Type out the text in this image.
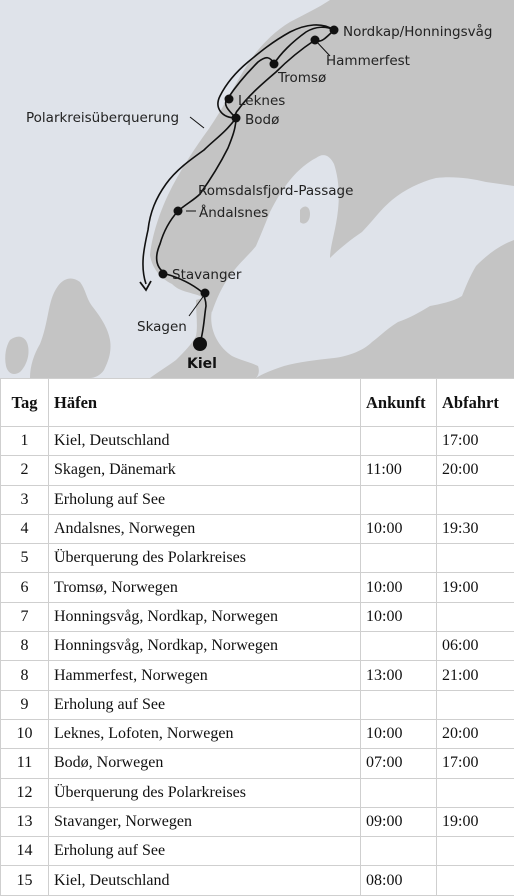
Nordkap/Honningsvåg
Hammerfest
Tromsø
Leknes
Bodø
Polarkreisüberquerung
Romsdalsfjord-Passage
Åndalsnes
Stavanger
Skagen
Kiel
Tag	Häfen	Ankunft	Abfahrt
1	Kiel, Deutschland		17:00
2	Skagen, Dänemark	11:00	20:00
3	Erholung auf See		
4	Andalsnes, Norwegen	10:00	19:30
5	Überquerung des Polarkreises		
6	Tromsø, Norwegen	10:00	19:00
7	Honningsvåg, Nordkap, Norwegen	10:00	
8	Honningsvåg, Nordkap, Norwegen		06:00
8	Hammerfest, Norwegen	13:00	21:00
9	Erholung auf See		
10	Leknes, Lofoten, Norwegen	10:00	20:00
11	Bodø, Norwegen	07:00	17:00
12	Überquerung des Polarkreises		
13	Stavanger, Norwegen	09:00	19:00
14	Erholung auf See		
15	Kiel, Deutschland	08:00	
